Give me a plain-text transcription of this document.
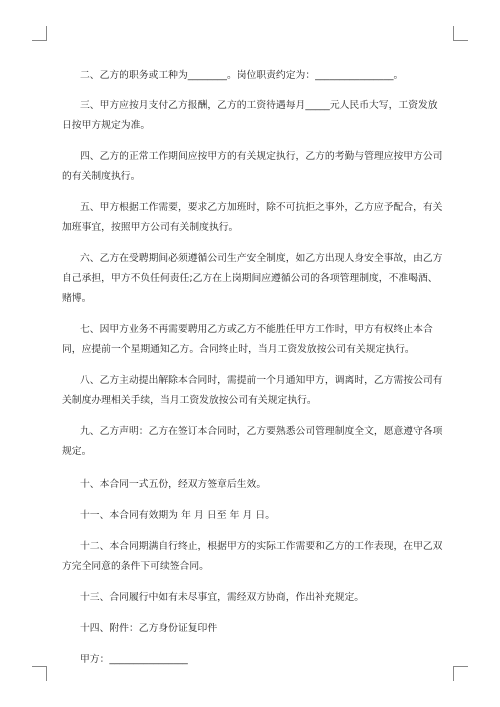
二、乙方的职务或工种为________。岗位职责约定为：________________。

三、甲方应按月支付乙方报酬，乙方的工资待遇每月_____元人民币大写，工资发放日按甲方规定为准。

四、乙方的正常工作期间应按甲方的有关规定执行，乙方的考勤与管理应按甲方公司的有关制度执行。

五、甲方根据工作需要，要求乙方加班时，除不可抗拒之事外，乙方应予配合，有关加班事宜，按照甲方公司有关制度执行。

六、乙方在受聘期间必须遵循公司生产安全制度，如乙方出现人身安全事故，由乙方自己承担，甲方不负任何责任;乙方在上岗期间应遵循公司的各项管理制度，不准喝酒、赌博。

七、因甲方业务不再需要聘用乙方或乙方不能胜任甲方工作时，甲方有权终止本合同，应提前一个星期通知乙方。合同终止时，当月工资发放按公司有关规定执行。

八、乙方主动提出解除本合同时，需提前一个月通知甲方，调离时，乙方需按公司有关制度办理相关手续，当月工资发放按公司有关规定执行。

九、乙方声明：乙方在签订本合同时，乙方要熟悉公司管理制度全文，愿意遵守各项规定。

十、本合同一式五份，经双方签章后生效。

十一、本合同有效期为 年 月 日至 年 月 日。

十二、本合同期满自行终止，根据甲方的实际工作需要和乙方的工作表现，在甲乙双方完全同意的条件下可续签合同。

十三、合同履行中如有未尽事宜，需经双方协商，作出补充规定。

十四、附件：乙方身份证复印件

甲方：________________
